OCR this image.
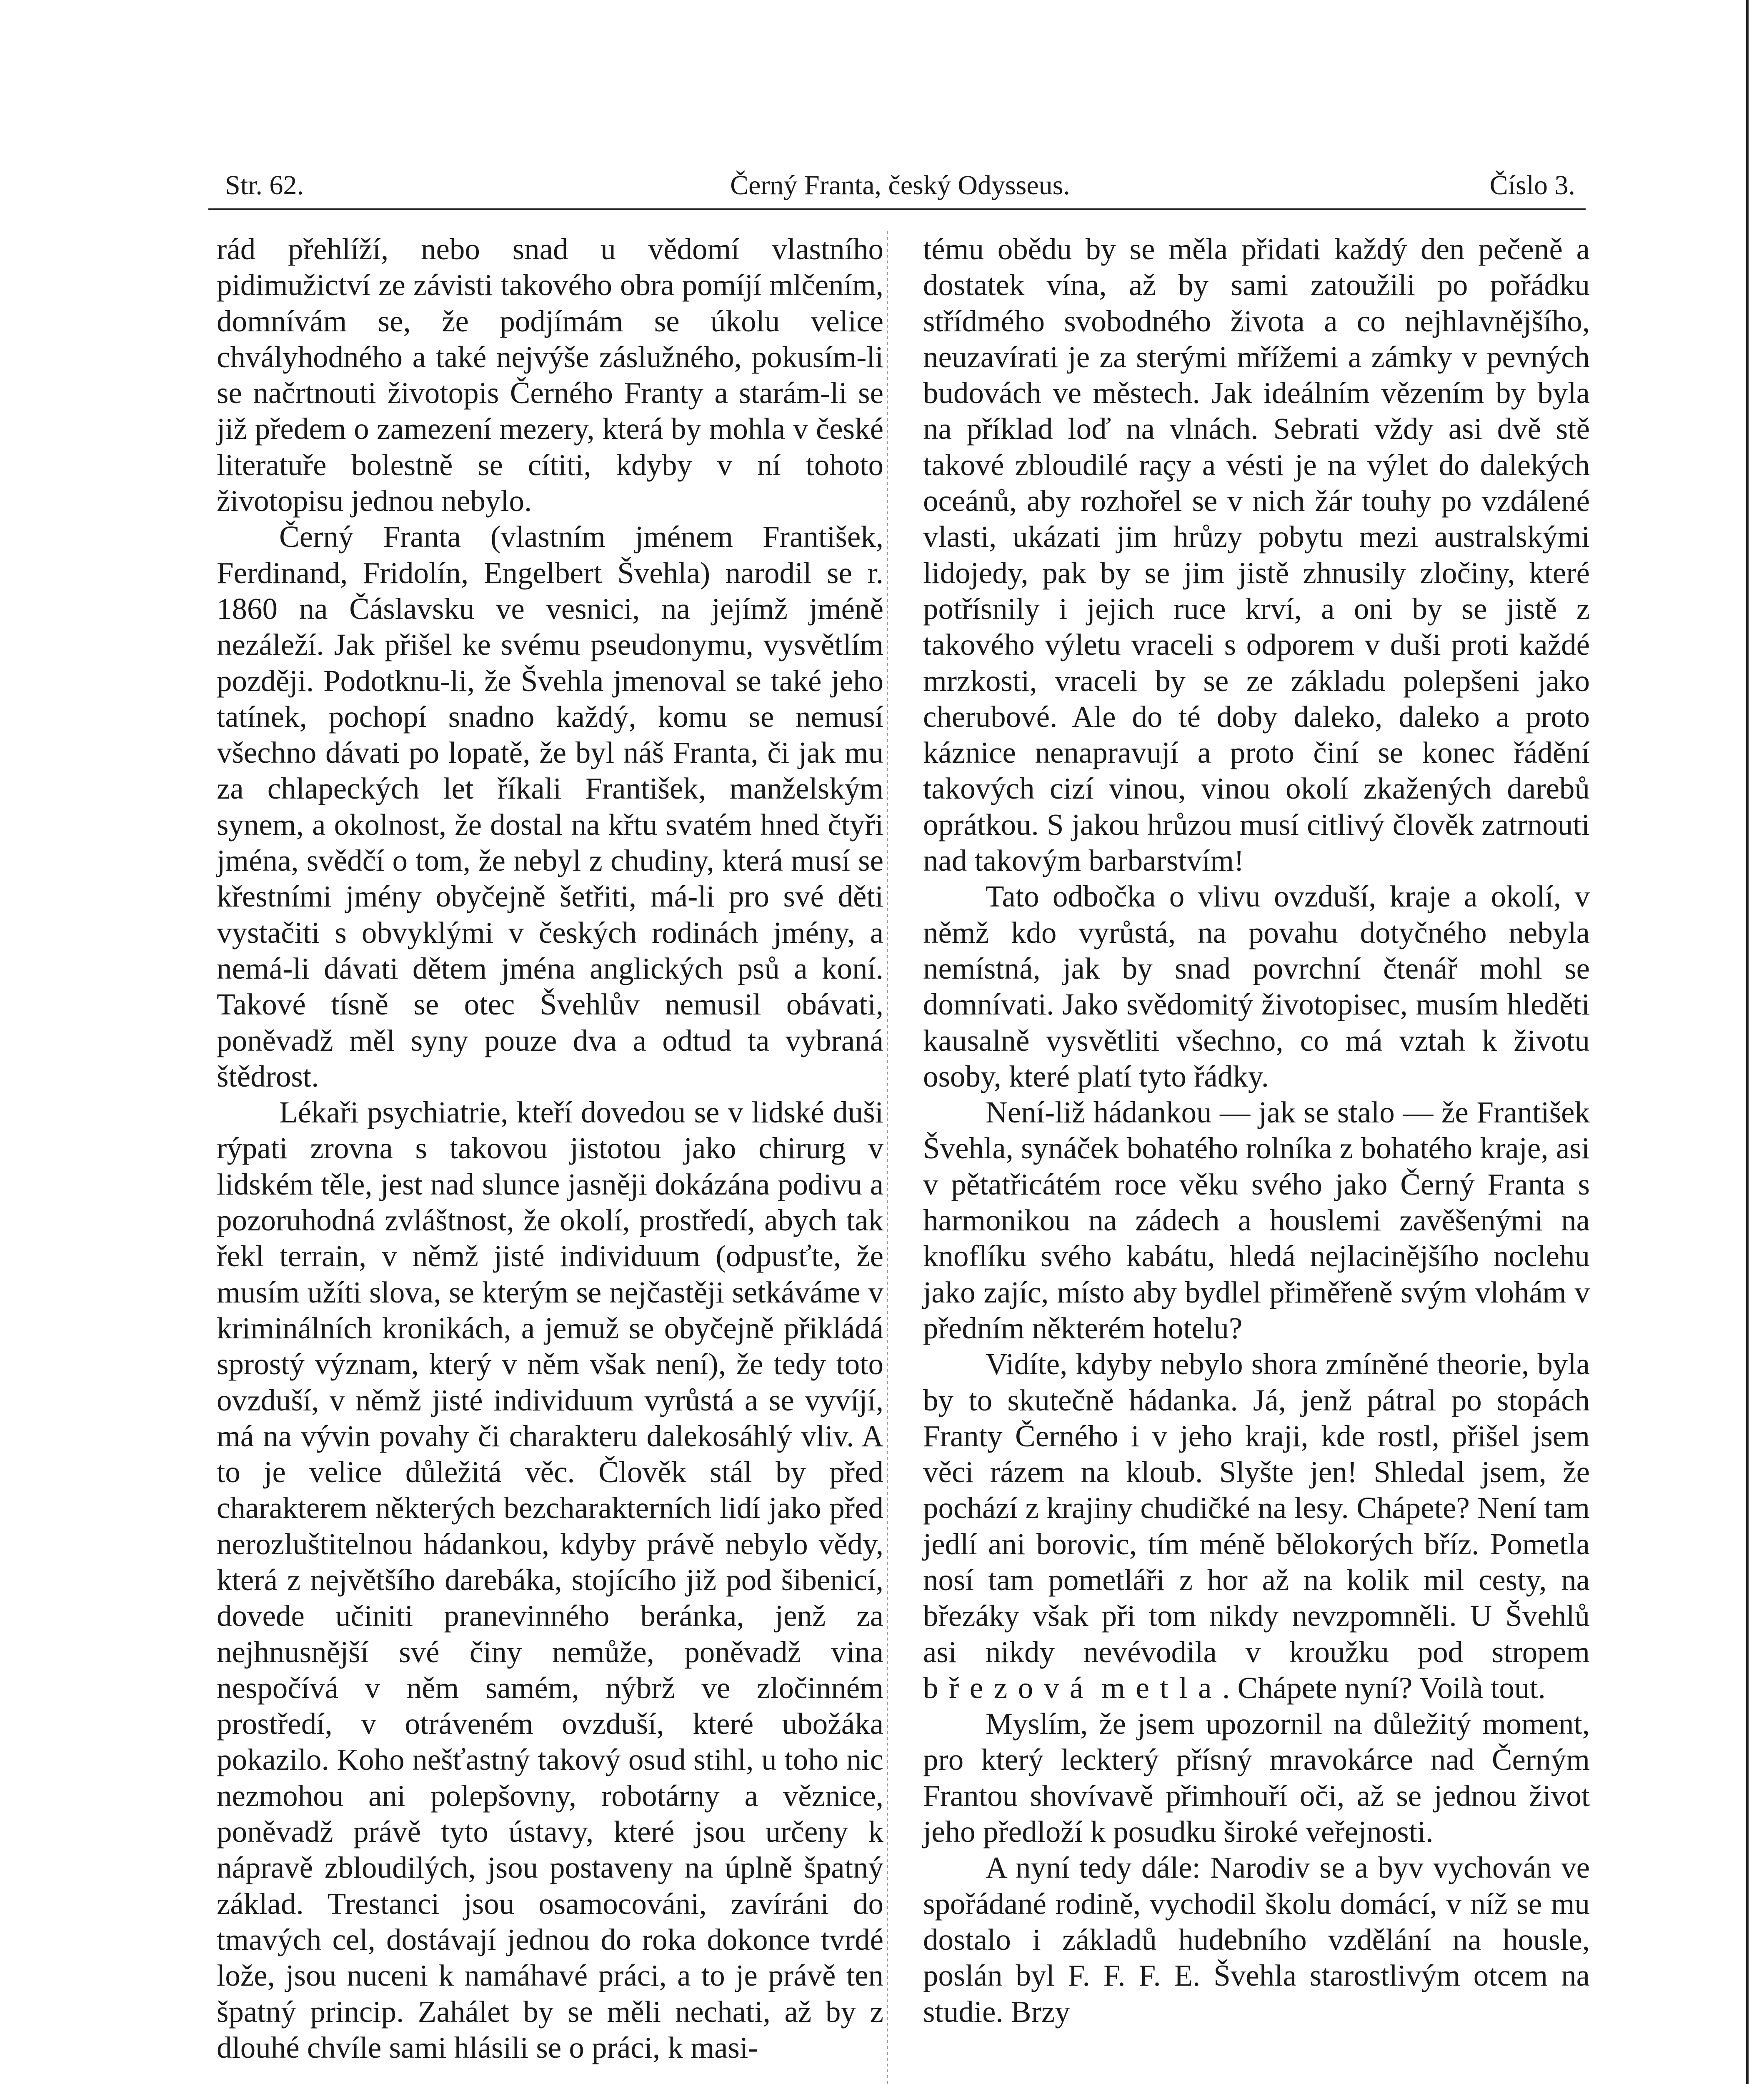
Str. 62.	Černý Franta, český Odysseus.	Číslo 3.

rád přehlíží, nebo snad u vědomí vlastního pidimužictví ze závisti takového obra pomíjí mlčením, domnívám se, že podjímám se úkolu velice chvályhodného a také nejvýše záslužného, pokusím-li se načrtnouti životopis Černého Franty a starám-li se již předem o zamezení mezery, která by mohla v české literatuře bolestně se cítiti, kdyby v ní tohoto životopisu jednou nebylo.

Černý Franta (vlastním jménem František, Ferdinand, Fridolín, Engelbert Švehla) narodil se r. 1860 na Čáslavsku ve vesnici, na jejímž jméně nezáleží. Jak přišel ke svému pseudonymu, vysvětlím později. Podotknu-li, že Švehla jmenoval se také jeho tatínek, pochopí snadno každý, komu se nemusí všechno dávati po lopatě, že byl náš Franta, či jak mu za chlapeckých let říkali František, manželským synem, a okolnost, že dostal na křtu svatém hned čtyři jména, svědčí o tom, že nebyl z chudiny, která musí se křestními jmény obyčejně šetřiti, má-li pro své děti vystačiti s obvyklými v českých rodinách jmény, a nemá-li dávati dětem jména anglických psů a koní. Takové tísně se otec Švehlův nemusil obávati, poněvadž měl syny pouze dva a odtud ta vybraná štědrost.

Lékaři psychiatrie, kteří dovedou se v lidské duši rýpati zrovna s takovou jistotou jako chirurg v lidském těle, jest nad slunce jasněji dokázána podivu a pozoruhodná zvláštnost, že okolí, prostředí, abych tak řekl terrain, v němž jisté individuum (odpusťte, že musím užíti slova, se kterým se nejčastěji setkáváme v kriminálních kronikách, a jemuž se obyčejně přikládá sprostý význam, který v něm však není), že tedy toto ovzduší, v němž jisté individuum vyrůstá a se vyvíjí, má na vývin povahy či charakteru dalekosáhlý vliv. A to je velice důležitá věc. Člověk stál by před charakterem některých bezcharakterních lidí jako před nerozluštitelnou hádankou, kdyby právě nebylo vědy, která z největšího darebáka, stojícího již pod šibenicí, dovede učiniti pranevinného beránka, jenž za nejhnusnější své činy nemůže, poněvadž vina nespočívá v něm samém, nýbrž ve zločinném prostředí, v otráveném ovzduší, které ubožáka pokazilo. Koho nešťastný takový osud stihl, u toho nic nezmohou ani polepšovny, robotárny a věznice, poněvadž právě tyto ústavy, které jsou určeny k nápravě zbloudilých, jsou postaveny na úplně špatný základ. Trestanci jsou osamocováni, zavíráni do tmavých cel, dostávají jednou do roka dokonce tvrdé lože, jsou nuceni k namáhavé práci, a to je právě ten špatný princip. Zahálet by se měli nechati, až by z dlouhé chvíle sami hlásili se o práci, k masi-

tému obědu by se měla přidati každý den pečeně a dostatek vína, až by sami zatoužili po pořádku střídmého svobodného života a co nejhlavnějšího, neuzavírati je za sterými mřížemi a zámky v pevných budovách ve městech. Jak ideálním vězením by byla na příklad loď na vlnách. Sebrati vždy asi dvě stě takové zbloudilé raçy a vésti je na výlet do dalekých oceánů, aby rozhořel se v nich žár touhy po vzdálené vlasti, ukázati jim hrůzy pobytu mezi australskými lidojedy, pak by se jim jistě zhnusily zločiny, které potřísnily i jejich ruce krví, a oni by se jistě z takového výletu vraceli s odporem v duši proti každé mrzkosti, vraceli by se ze základu polepšeni jako cherubové. Ale do té doby daleko, daleko a proto káznice nenapravují a proto činí se konec řádění takových cizí vinou, vinou okolí zkažených darebů oprátkou. S jakou hrůzou musí citlivý člověk zatrnouti nad takovým barbarstvím!

Tato odbočka o vlivu ovzduší, kraje a okolí, v němž kdo vyrůstá, na povahu dotyčného nebyla nemístná, jak by snad povrchní čtenář mohl se domnívati. Jako svědomitý životopisec, musím hleděti kausalně vysvětliti všechno, co má vztah k životu osoby, které platí tyto řádky.

Není-liž hádankou — jak se stalo — že František Švehla, synáček bohatého rolníka z bohatého kraje, asi v pětatřicátém roce věku svého jako Černý Franta s harmonikou na zádech a houslemi zavěšenými na knoflíku svého kabátu, hledá nejlacinějšího noclehu jako zajíc, místo aby bydlel přiměřeně svým vlohám v předním některém hotelu?

Vidíte, kdyby nebylo shora zmíněné theorie, byla by to skutečně hádanka. Já, jenž pátral po stopách Franty Černého i v jeho kraji, kde rostl, přišel jsem věci rázem na kloub. Slyšte jen! Shledal jsem, že pochází z krajiny chudičké na lesy. Chápete? Není tam jedlí ani borovic, tím méně bělokorých bříz. Pometla nosí tam pometláři z hor až na kolik mil cesty, na březáky však při tom nikdy nevzpomněli. U Švehlů asi nikdy nevévodila v kroužku pod stropem březová metla. Chápete nyní? Voilà tout.

Myslím, že jsem upozornil na důležitý moment, pro který leckterý přísný mravokárce nad Černým Frantou shovívavě přimhouří oči, až se jednou život jeho předloží k posudku široké veřejnosti.

A nyní tedy dále: Narodiv se a byv vychován ve spořádané rodině, vychodil školu domácí, v níž se mu dostalo i základů hudebního vzdělání na housle, poslán byl F. F. F. E. Švehla starostlivým otcem na studie. Brzy
